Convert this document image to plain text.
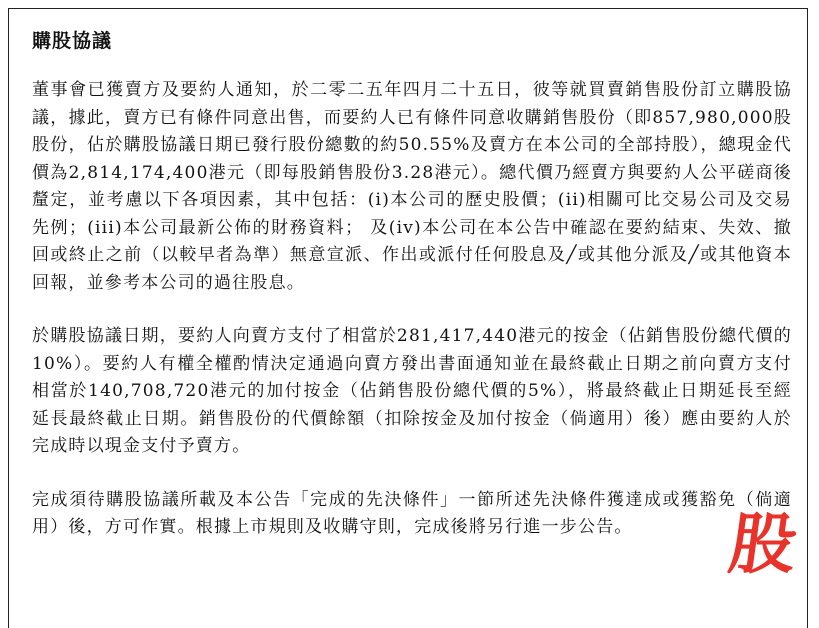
購股協議

董事會已獲賣方及要約人通知，於二零二五年四月二十五日，彼等就買賣銷售股份訂立購股協議，據此，賣方已有條件同意出售，而要約人已有條件同意收購銷售股份（即857,980,000股股份，佔於購股協議日期已發行股份總數的約50.55%及賣方在本公司的全部持股），總現金代價為2,814,174,400港元（即每股銷售股份3.28港元）。總代價乃經賣方與要約人公平磋商後釐定，並考慮以下各項因素，其中包括：(i)本公司的歷史股價；(ii)相關可比交易公司及交易先例；(iii)本公司最新公佈的財務資料； 及(iv)本公司在本公告中確認在要約結束、失效、撤回或終止之前（以較早者為準）無意宣派、作出或派付任何股息及╱或其他分派及╱或其他資本回報，並參考本公司的過往股息。

於購股協議日期，要約人向賣方支付了相當於281,417,440港元的按金（佔銷售股份總代價的10%）。要約人有權全權酌情決定通過向賣方發出書面通知並在最終截止日期之前向賣方支付相當於140,708,720港元的加付按金（佔銷售股份總代價的5%），將最終截止日期延長至經延長最終截止日期。銷售股份的代價餘額（扣除按金及加付按金（倘適用）後）應由要約人於完成時以現金支付予賣方。

完成須待購股協議所載及本公告「完成的先決條件」一節所述先決條件獲達成或獲豁免（倘適用）後，方可作實。根據上市規則及收購守則，完成後將另行進一步公告。	股
